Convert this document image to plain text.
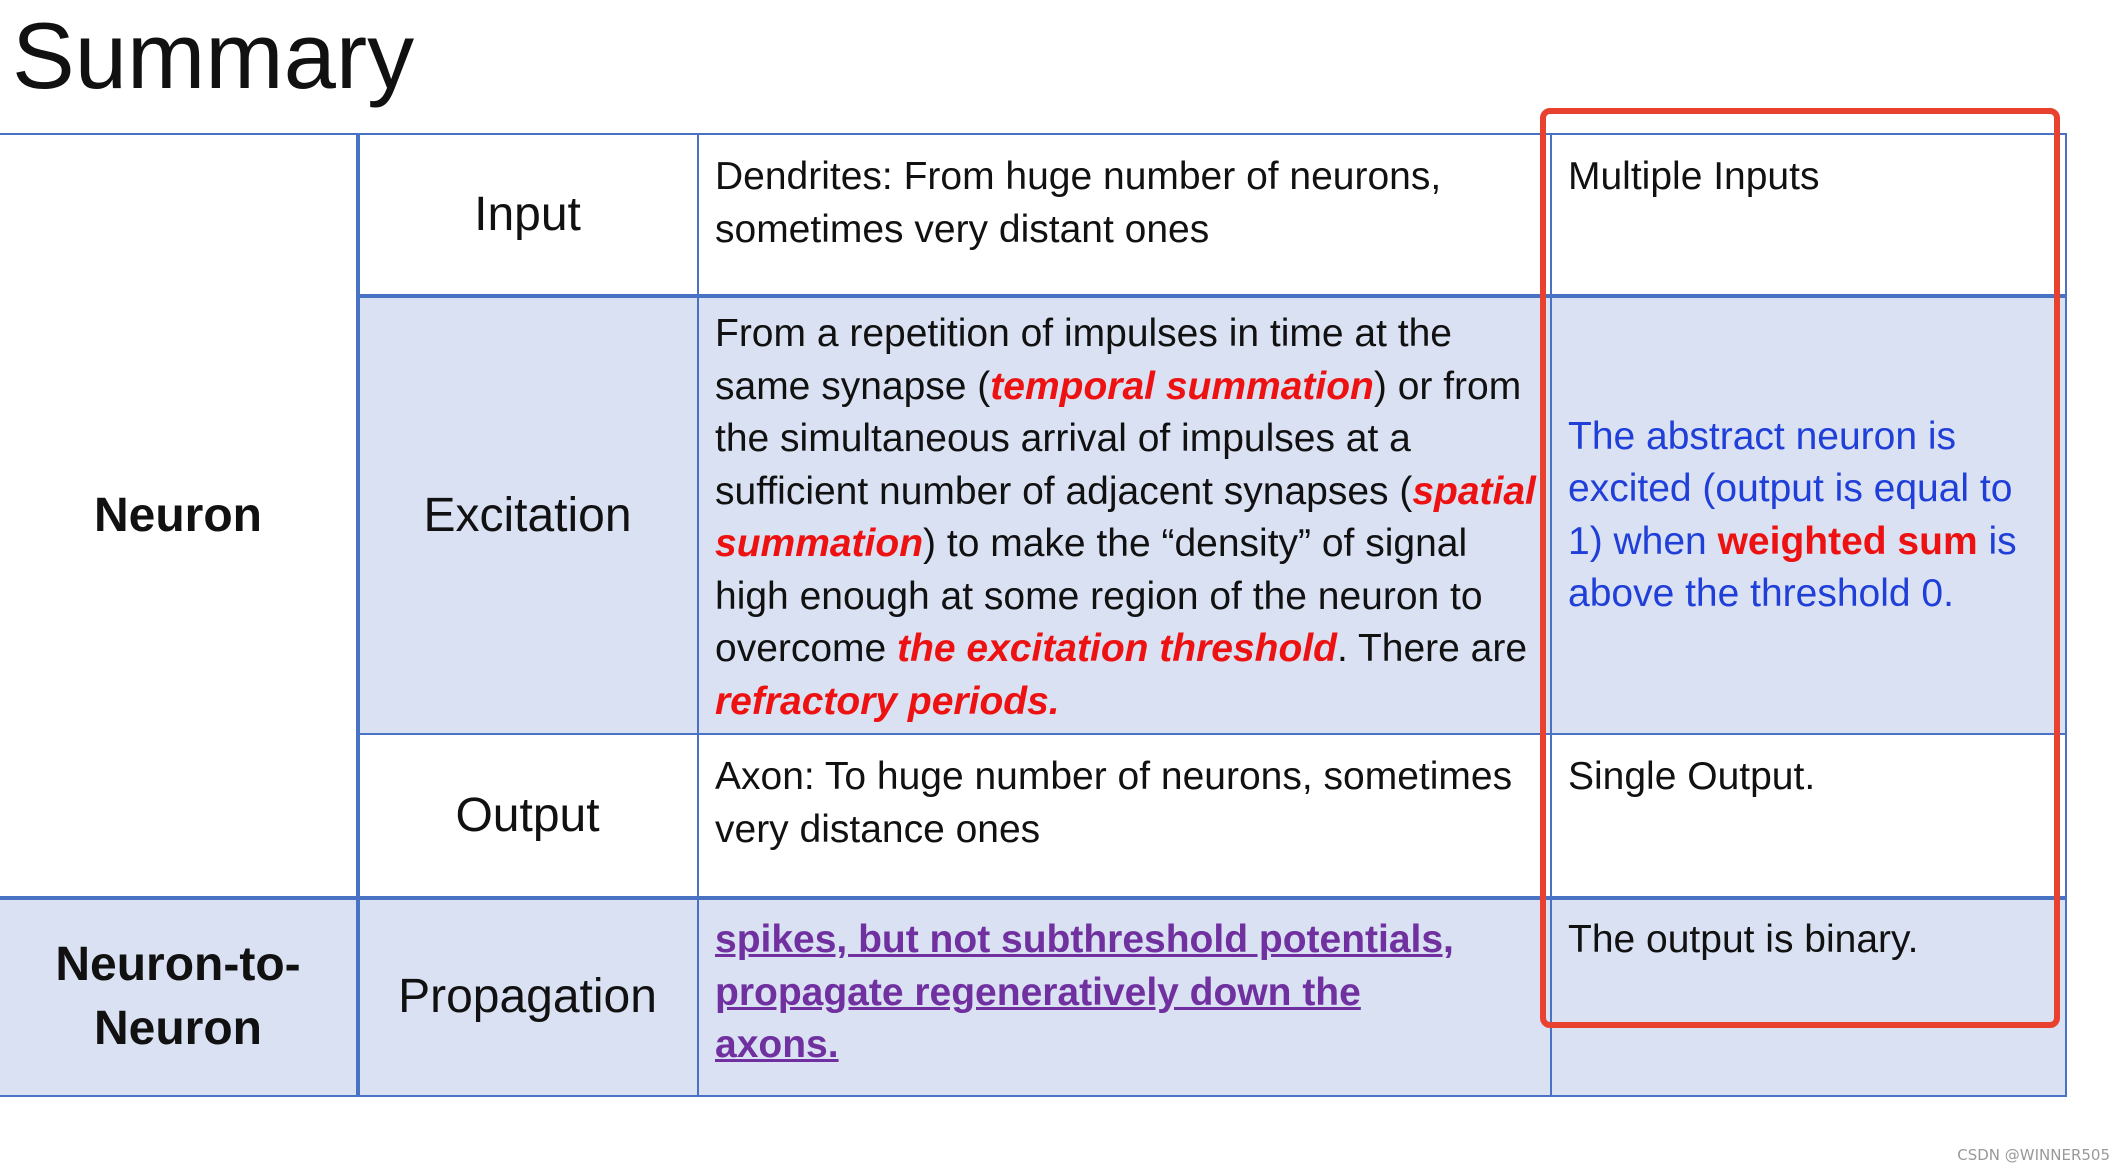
Summary
Neuron
Neuron-to-Neuron
Input
Excitation
Output
Propagation
Dendrites: From huge number of neurons, sometimes very distant ones
From a repetition of impulses in time at the same synapse (temporal summation) or from the simultaneous arrival of impulses at a sufficient number of adjacent synapses (spatial summation) to make the “density” of signal high enough at some region of the neuron to overcome the excitation threshold. There are refractory periods.
Axon: To huge number of neurons, sometimes very distance ones
spikes, but not subthreshold potentials, propagate regeneratively down the axons.
Multiple Inputs
The abstract neuron is excited (output is equal to 1) when weighted sum is above the threshold 0.
Single Output.
The output is binary.
CSDN @WINNER505
